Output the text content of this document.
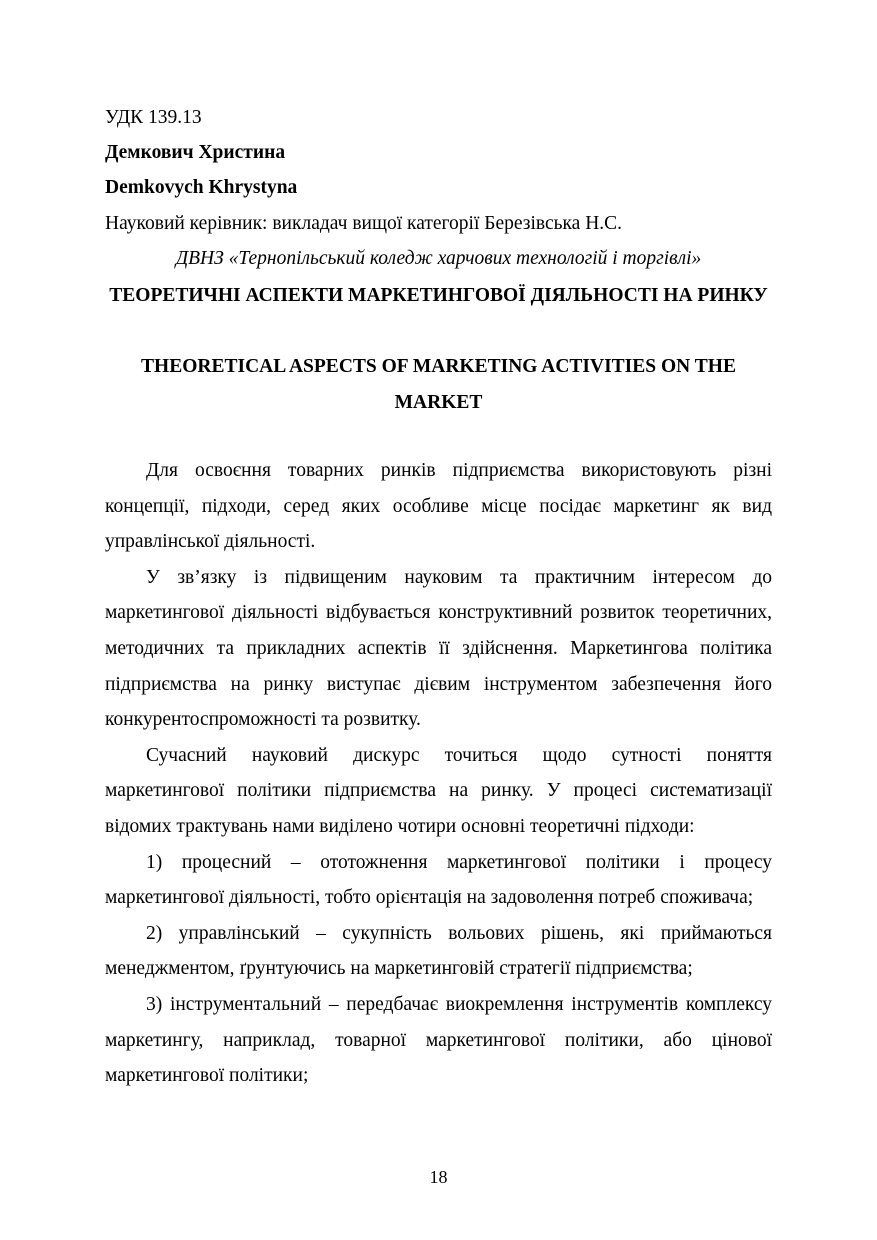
УДК 139.13
Демкович Христина
Demkovych Khrystyna
Науковий керівник: викладач вищої категорії Березівська Н.С.
ДВНЗ «Тернопільський коледж харчових технологій і торгівлі»
ТЕОРЕТИЧНІ АСПЕКТИ МАРКЕТИНГОВОЇ ДІЯЛЬНОСТІ НА РИНКУ
THEORETICAL ASPECTS OF MARKETING ACTIVITIES ON THE MARKET

Для освоєння товарних ринків підприємства використовують різні концепції, підходи, серед яких особливе місце посідає маркетинг як вид управлінської діяльності.

У зв’язку із підвищеним науковим та практичним інтересом до маркетингової діяльності відбувається конструктивний розвиток теоретичних, методичних та прикладних аспектів її здійснення. Маркетингова політика підприємства на ринку виступає дієвим інструментом забезпечення його конкурентоспроможності та розвитку.

Сучасний науковий дискурс точиться щодо сутності поняття маркетингової політики підприємства на ринку. У процесі систематизації відомих трактувань нами виділено чотири основні теоретичні підходи:

1) процесний – ототожнення маркетингової політики і процесу маркетингової діяльності, тобто орієнтація на задоволення потреб споживача;

2) управлінський – сукупність вольових рішень, які приймаються менеджментом, ґрунтуючись на маркетинговій стратегії підприємства;

3) інструментальний – передбачає виокремлення інструментів комплексу маркетингу, наприклад, товарної маркетингової політики, або цінової маркетингової політики;

18
